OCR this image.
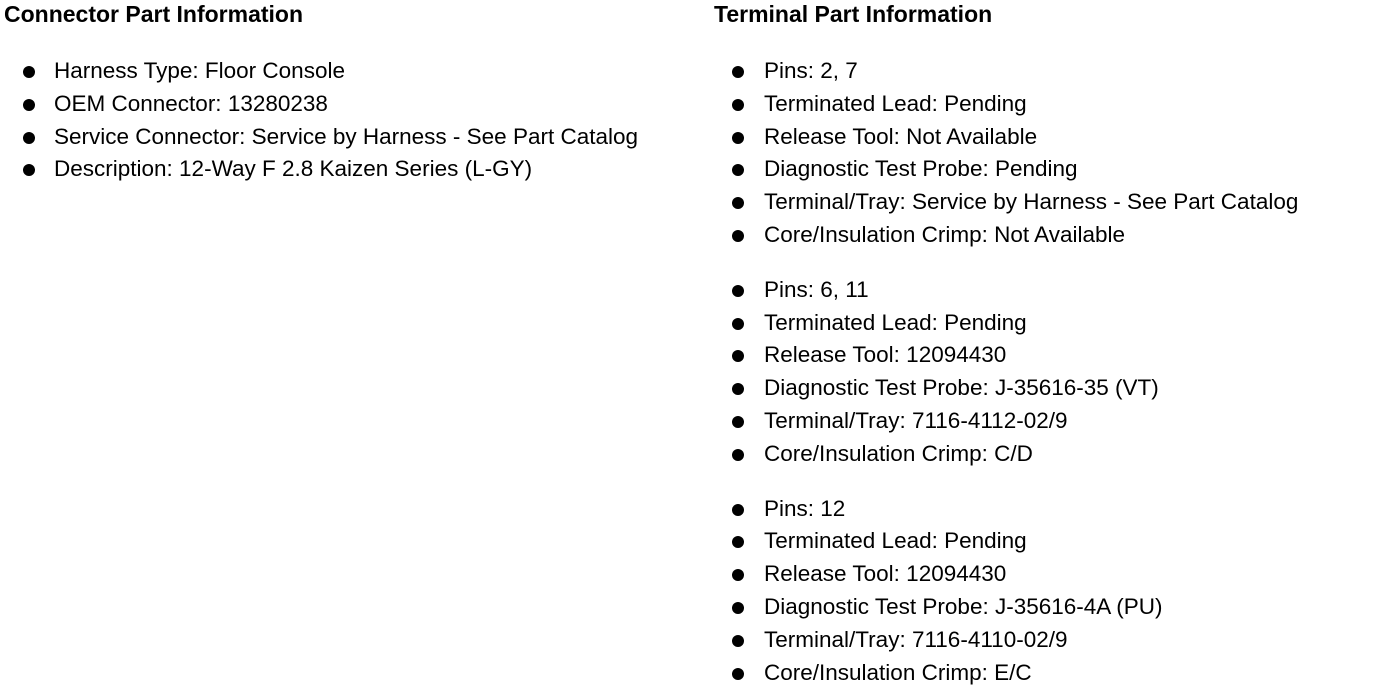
Connector Part Information
Harness Type: Floor Console
OEM Connector: 13280238
Service Connector: Service by Harness - See Part Catalog
Description: 12-Way F 2.8 Kaizen Series (L-GY)
Terminal Part Information
Pins: 2, 7
Terminated Lead: Pending
Release Tool: Not Available
Diagnostic Test Probe: Pending
Terminal/Tray: Service by Harness - See Part Catalog
Core/Insulation Crimp: Not Available
Pins: 6, 11
Terminated Lead: Pending
Release Tool: 12094430
Diagnostic Test Probe: J-35616-35 (VT)
Terminal/Tray: 7116-4112-02/9
Core/Insulation Crimp: C/D
Pins: 12
Terminated Lead: Pending
Release Tool: 12094430
Diagnostic Test Probe: J-35616-4A (PU)
Terminal/Tray: 7116-4110-02/9
Core/Insulation Crimp: E/C
